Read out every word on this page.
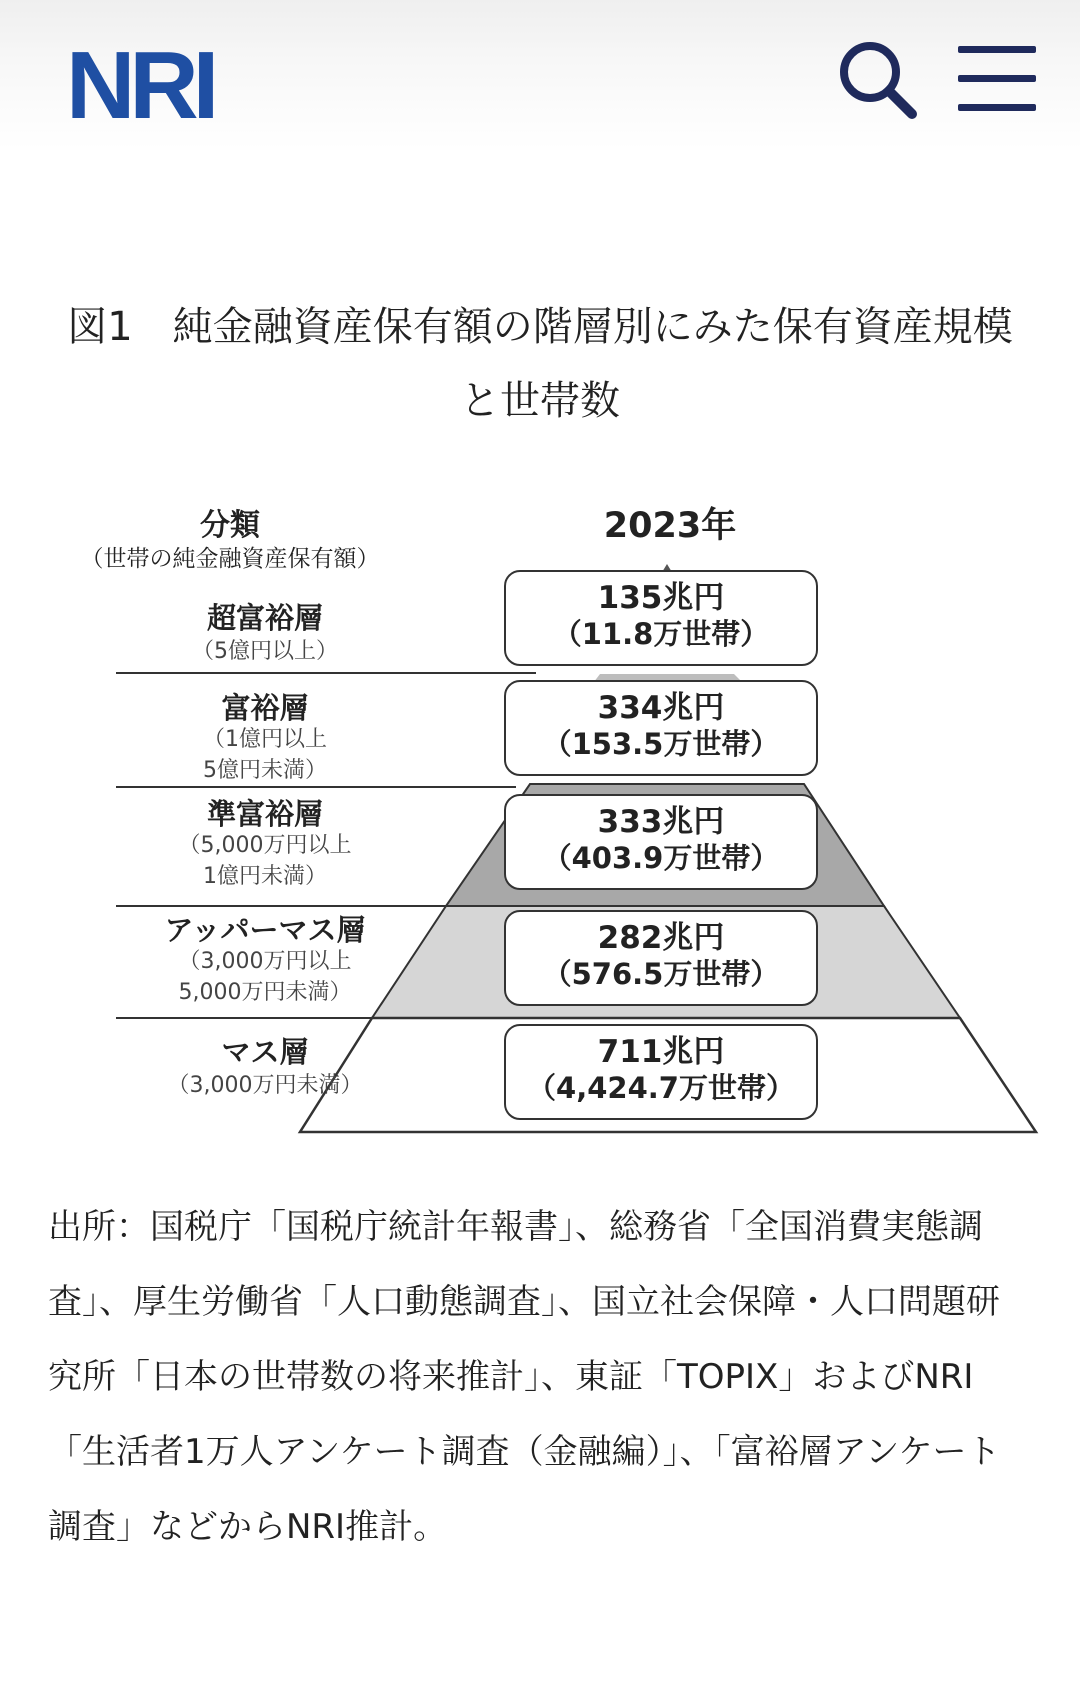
NRI
図1　純金融資産保有額の階層別にみた保有資産規模と世帯数
分類
（世帯の純金融資産保有額）
2023年
超富裕層
（5億円以上）
富裕層
（1億円以上
5億円未満）
準富裕層
（5,000万円以上
1億円未満）
アッパーマス層
（3,000万円以上
5,000万円未満）
マス層
（3,000万円未満）
135兆円
（11.8万世帯）
334兆円
（153.5万世帯）
333兆円
（403.9万世帯）
282兆円
（576.5万世帯）
711兆円
（4,424.7万世帯）
出所：国税庁「国税庁統計年報書」、総務省「全国消費実態調査」、厚生労働省「人口動態調査」、国立社会保障・人口問題研究所「日本の世帯数の将来推計」、東証「TOPIX」およびNRI「生活者1万人アンケート調査（金融編）」、「富裕層アンケート調査」などからNRI推計。
